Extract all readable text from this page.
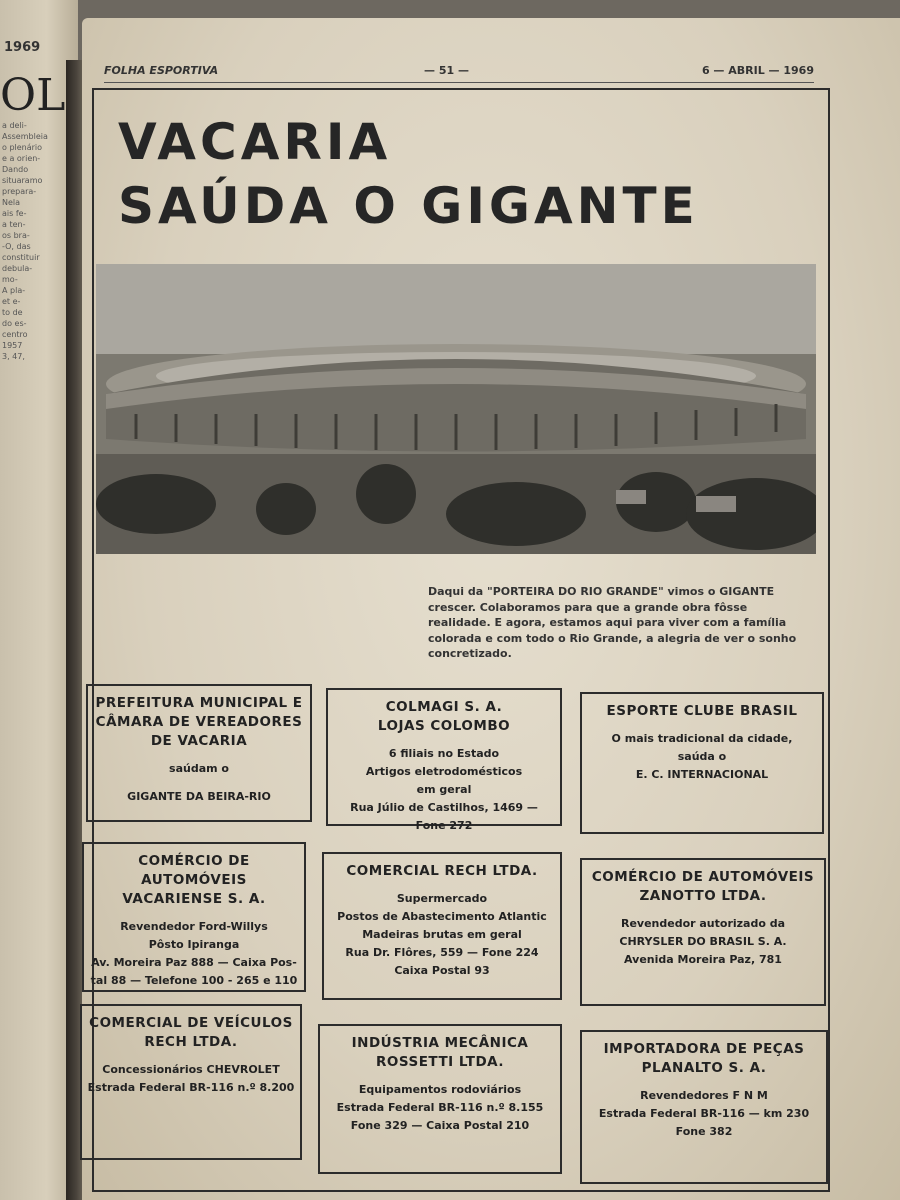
1969
OL
a deli-
Assembleia
o plenário
e a orien-
Dando
situaramo
prepara-
Nela
ais fe-
a ten-
os bra-
-O, das
constituir
debula-
mo-
A pla-
et e-
to de
do es-
centro
1957
3, 47,
FOLHA ESPORTIVA	— 51 —	6 — ABRIL — 1969
VACARIA
SAÚDA O GIGANTE
Daqui da "PORTEIRA DO RIO GRANDE" vimos o GIGANTE crescer. Colaboramos para que a grande obra fôsse realidade. E agora, estamos aqui para viver com a família colorada e com todo o Rio Grande, a alegria de ver o sonho concretizado.
PREFEITURA MUNICIPAL E
CÂMARA DE VEREADORES
DE VACARIA
saúdam o
GIGANTE DA BEIRA-RIO
COLMAGI S. A.
LOJAS COLOMBO
6 filiais no Estado
Artigos eletrodomésticos
em geral
Rua Júlio de Castilhos, 1469 —
Fone 272
ESPORTE CLUBE BRASIL
O mais tradicional da cidade,
saúda o
E. C. INTERNACIONAL
COMÉRCIO DE AUTOMÓVEIS
VACARIENSE S. A.
Revendedor Ford-Willys
Pôsto Ipiranga
Av. Moreira Paz 888 — Caixa Pos-
tal 88 — Telefone 100 - 265 e 110
COMERCIAL RECH LTDA.
Supermercado
Postos de Abastecimento Atlantic
Madeiras brutas em geral
Rua Dr. Flôres, 559 — Fone 224
Caixa Postal 93
COMÉRCIO DE AUTOMÓVEIS
ZANOTTO LTDA.
Revendedor autorizado da
CHRYSLER DO BRASIL S. A.
Avenida Moreira Paz, 781
COMERCIAL DE VEÍCULOS
RECH LTDA.
Concessionários CHEVROLET
Estrada Federal BR-116 n.º 8.200
INDÚSTRIA MECÂNICA
ROSSETTI LTDA.
Equipamentos rodoviários
Estrada Federal BR-116 n.º 8.155
Fone 329 — Caixa Postal 210
IMPORTADORA DE PEÇAS
PLANALTO S. A.
Revendedores F N M
Estrada Federal BR-116 — km 230
Fone 382
